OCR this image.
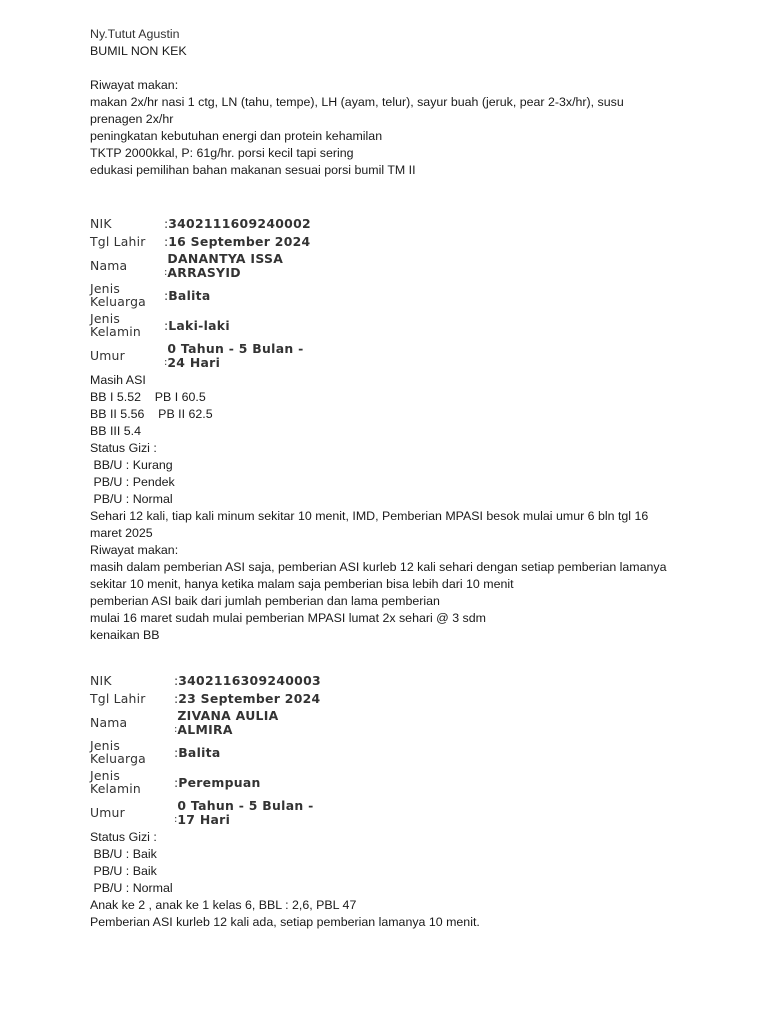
Ny.Tutut Agustin
BUMIL NON KEK
Riwayat makan:
makan 2x/hr nasi 1 ctg, LN (tahu, tempe), LH (ayam, telur), sayur buah (jeruk, pear 2-3x/hr), susu prenagen 2x/hr
peningkatan kebutuhan energi dan protein kehamilan
TKTP 2000kkal, P: 61g/hr. porsi kecil tapi sering
edukasi pemilihan bahan makanan sesuai porsi bumil TM II
NIK	:3402111609240002
Tgl Lahir	:16 September 2024
Nama	:
DANANTYA ISSA ARRASYID

Jenis Keluarga	:Balita
Jenis Kelamin	:Laki-laki
Umur	:
0 Tahun - 5 Bulan - 24 Hari
Masih ASI
BB I 5.52    PB I 60.5
BB II 5.56    PB II 62.5
BB III 5.4
Status Gizi :
BB/U : Kurang
PB/U : Pendek
PB/U : Normal
Sehari 12 kali, tiap kali minum sekitar 10 menit, IMD, Pemberian MPASI besok mulai umur 6 bln tgl 16 maret 2025
Riwayat makan:
masih dalam pemberian ASI saja, pemberian ASI kurleb 12 kali sehari dengan setiap pemberian lamanya sekitar 10 menit, hanya ketika malam saja pemberian bisa lebih dari 10 menit
pemberian ASI baik dari jumlah pemberian dan lama pemberian
mulai 16 maret sudah mulai pemberian MPASI lumat 2x sehari @ 3 sdm
kenaikan BB
NIK	:3402116309240003
Tgl Lahir	:23 September 2024
Nama	:
ZIVANA AULIA ALMIRA

Jenis Keluarga	:Balita
Jenis Kelamin	:Perempuan
Umur	:
0 Tahun - 5 Bulan - 17 Hari
Status Gizi :
BB/U : Baik
PB/U : Baik
PB/U : Normal
Anak ke 2 , anak ke 1 kelas 6, BBL : 2,6, PBL 47
Pemberian ASI kurleb 12 kali ada, setiap pemberian lamanya 10 menit.
